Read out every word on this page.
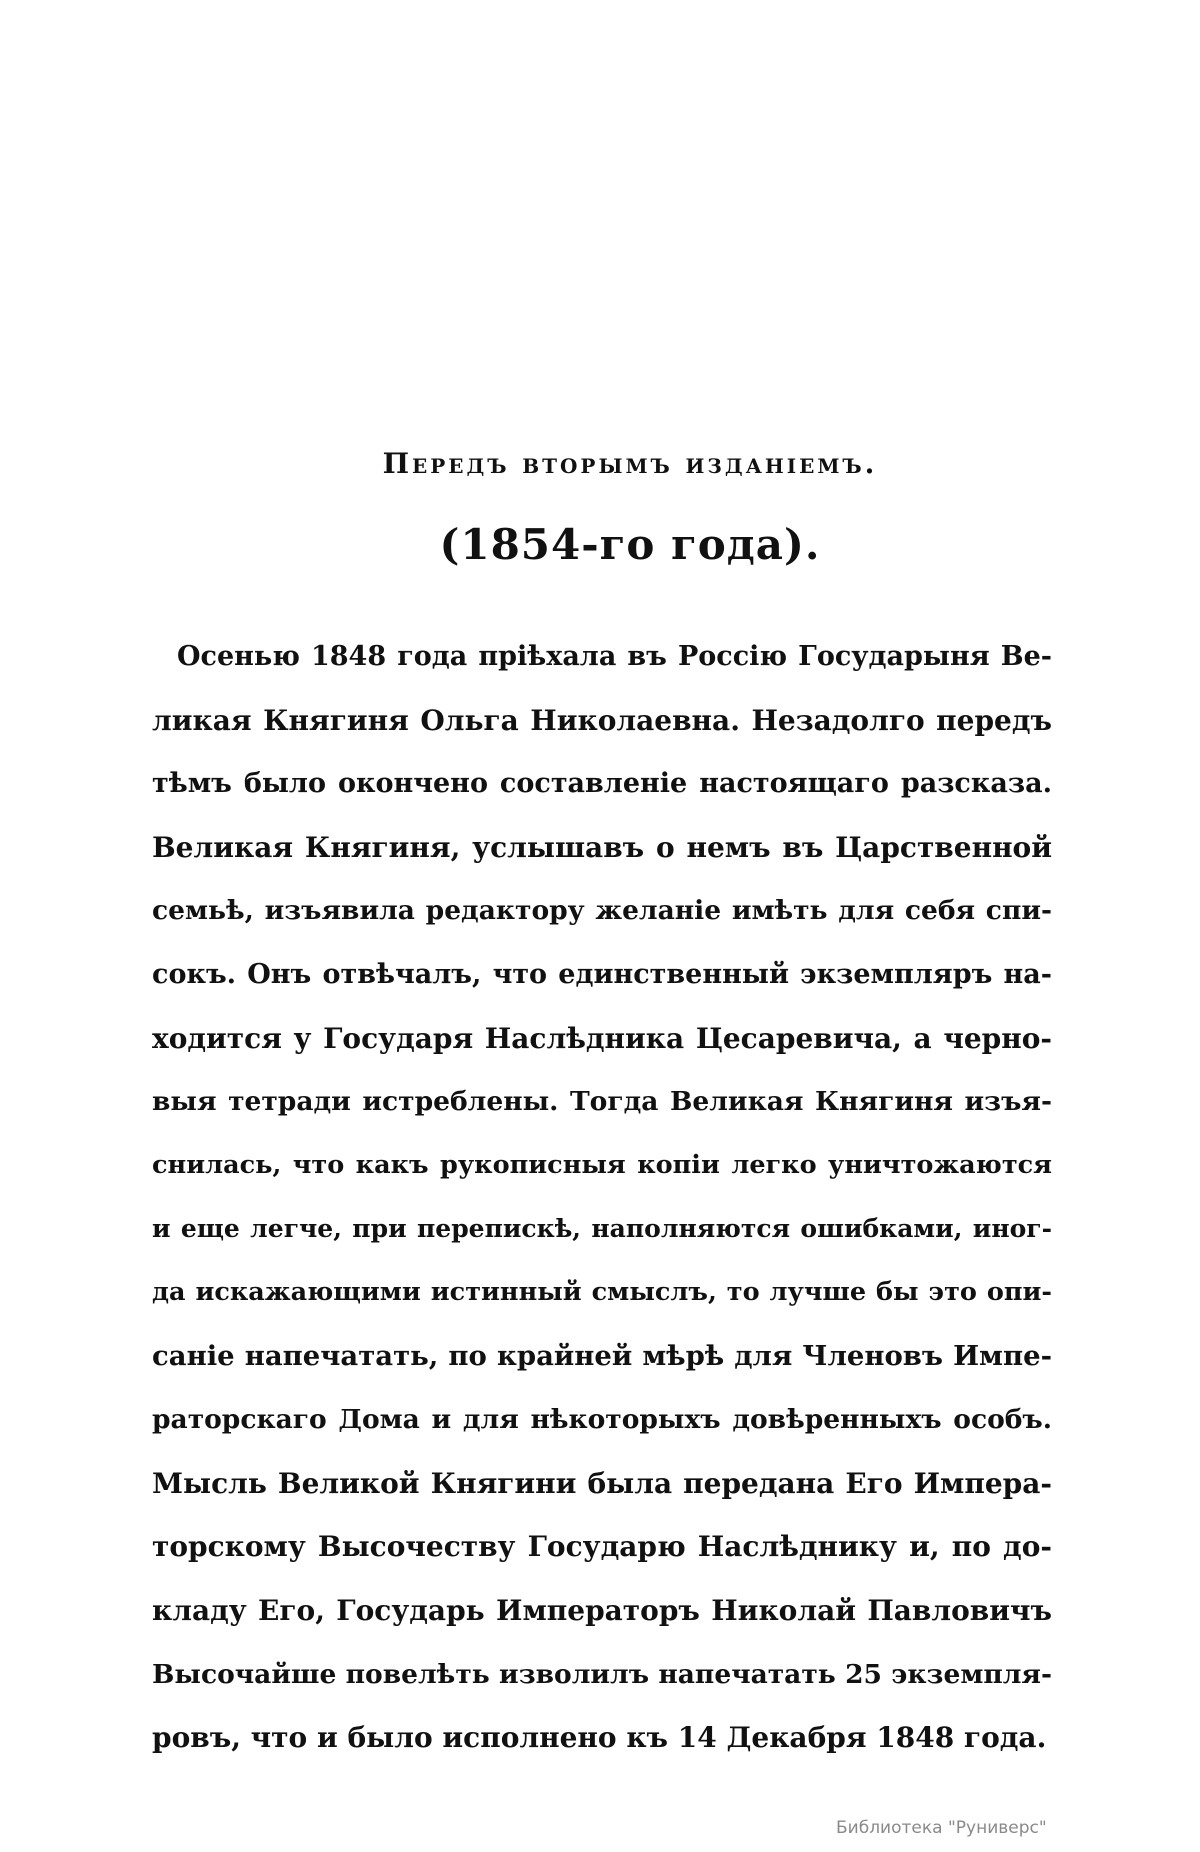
Передъ вторымъ изданіемъ.
(1854-го года).
Осенью 1848 года пріѣхала въ Россію Государыня Ве-
ликая Княгиня Ольга Николаевна. Незадолго передъ
тѣмъ было окончено составленіе настоящаго разсказа.
Великая Княгиня, услышавъ о немъ въ Царственной
семьѣ, изъявила редактору желаніе имѣть для себя спи-
сокъ. Онъ отвѣчалъ, что единственный экземпляръ на-
ходится у Государя Наслѣдника Цесаревича, а черно-
выя тетради истреблены. Тогда Великая Княгиня изъя-
снилась, что какъ рукописныя копіи легко уничтожаются
и еще легче, при перепискѣ, наполняются ошибками, иног-
да искажающими истинный смыслъ, то лучше бы это опи-
саніе напечатать, по крайней мѣрѣ для Членовъ Импе-
раторскаго Дома и для нѣкоторыхъ довѣренныхъ особъ.
Мысль Великой Княгини была передана Его Импера-
торскому Высочеству Государю Наслѣднику и, по до-
кладу Его, Государь Императоръ Николай Павловичъ
Высочайше повелѣть изволилъ напечатать 25 экземпля-
ровъ, что и было исполнено къ 14 Декабря 1848 года.
Библиотека "Руниверс"
